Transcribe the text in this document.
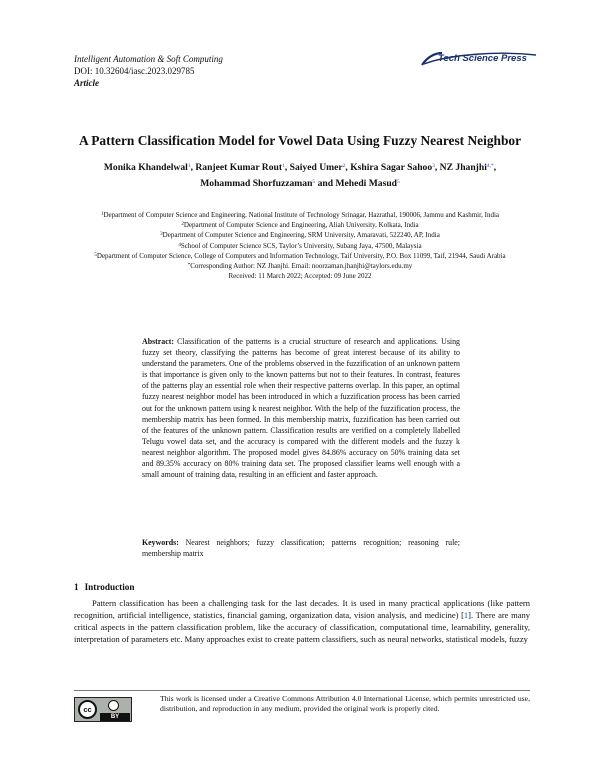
Intelligent Automation & Soft Computing
DOI: 10.32604/iasc.2023.029785
Article
Tech Science Press
A Pattern Classification Model for Vowel Data Using Fuzzy Nearest Neighbor
Monika Khandelwal$^1$, Ranjeet Kumar Rout$^1$, Saiyed Umer$^2$, Kshira Sagar Sahoo$^3$, NZ Jhanjhi$^{4,*}$,
Mohammad Shorfuzzaman$^5$ and Mehedi Masud$^5$
$^1$Department of Computer Science and Engineering, National Institute of Technology Srinagar, Hazrathal, 190006, Jammu and Kashmir, India
$^2$Department of Computer Science and Engineering, Aliah University, Kolkata, India
$^3$Department of Computer Science and Engineering, SRM University, Amaravati, 522240, AP, India
$^4$School of Computer Science SCS, Taylor’s University, Subang Jaya, 47500, Malaysia
$^5$Department of Computer Science, College of Computers and Information Technology, Taif University, P.O. Box 11099, Taif, 21944, Saudi Arabia
*Corresponding Author: NZ Jhanjhi. Email: noorzaman.jhanjhi@taylors.edu.my
Received: 11 March 2022; Accepted: 09 June 2022
Abstract: Classification of the patterns is a crucial structure of research and applications. Using fuzzy set theory, classifying the patterns has become of great interest because of its ability to understand the parameters. One of the problems observed in the fuzzification of an unknown pattern is that importance is given only to the known patterns but not to their features. In contrast, features of the patterns play an essential role when their respective patterns overlap. In this paper, an optimal fuzzy nearest neighbor model has been introduced in which a fuzzification process has been carried out for the unknown pattern using k nearest neighbor. With the help of the fuzzification process, the membership matrix has been formed. In this membership matrix, fuzzification has been carried out of the features of the unknown pattern. Classification results are verified on a completely llabelled Telugu vowel data set, and the accuracy is compared with the different models and the fuzzy k nearest neighbor algorithm. The proposed model gives 84.86% accuracy on 50% training data set and 89.35% accuracy on 80% training data set. The proposed classifier learns well enough with a small amount of training data, resulting in an efficient and faster approach.
Keywords: Nearest neighbors; fuzzy classification; patterns recognition; reasoning rule; membership matrix
1 Introduction
Pattern classification has been a challenging task for the last decades. It is used in many practical applications (like pattern recognition, artificial intelligence, statistics, financial gaming, organization data, vision analysis, and medicine) [1]. There are many critical aspects in the pattern classification problem, like the accuracy of classification, computational time, learnability, generality, interpretation of parameters etc. Many approaches exist to create pattern classifiers, such as neural networks, statistical models, fuzzy
cc
BY
This work is licensed under a Creative Commons Attribution 4.0 International License, which permits unrestricted use, distribution, and reproduction in any medium, provided the original work is properly cited.
